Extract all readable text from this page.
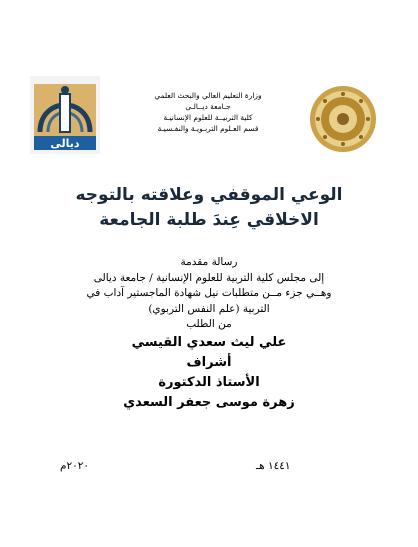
ديالى
وزارة التعليم العالي والبحث العلمي
جـامعة ديــالـى
كلية التربيــة للعلوم الإنسانيـة
قسم العـلوم التربـويـة والنفـسيـة
الوعي الموقفي وعلاقته بالتوجه
الاخلاقي عِندَ طلبة الجامعة
رسالة مقدمة
إلى مجلس كلية التربية للعلوم الإنسانية / جامعة ديالى
وهــي جزء مــن متطلبات نيل شهادة الماجستير آداب في
التربية (علم النفس التربوي)
من الطلب
علي ليث سعدي القيسي
أشراف
الأستاذ الدكتورة
زهرة موسى جعفر السعدي
١٤٤١ هـ
٢٠٢٠م
